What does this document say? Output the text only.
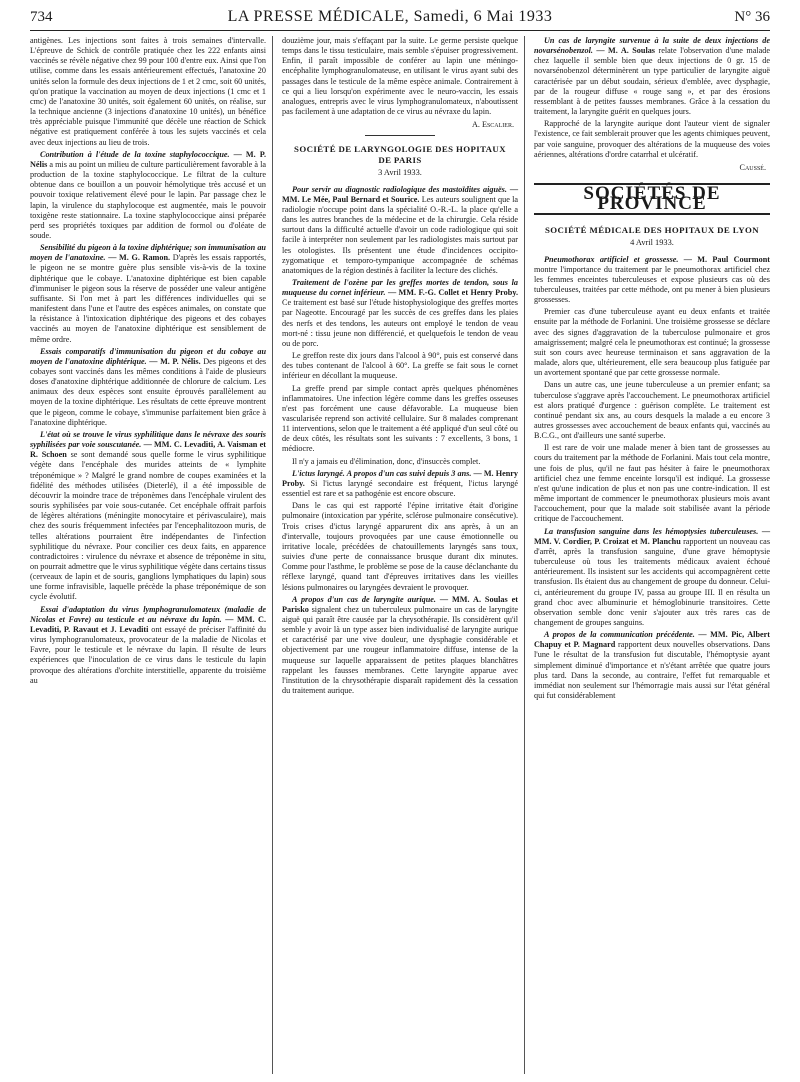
734	LA PRESSE MÉDICALE, Samedi, 6 Mai 1933	N° 36

antigènes. Les injections sont faites à trois semaines d'intervalle. L'épreuve de Schick de contrôle pratiquée chez les 222 enfants ainsi vaccinés se révèle négative chez 99 pour 100 d'entre eux. Ainsi que l'on utilise, comme dans les essais antérieurement effectués, l'anatoxine 20 unités selon la formule des deux injections de 1 et 2 cmc, soit 60 unités, qu'on pratique la vaccination au moyen de deux injections (1 cmc et 1 cmc) de l'anatoxine 30 unités, soit également 60 unités, on réalise, sur la technique ancienne (3 injections d'anatoxine 10 unités), un bénéfice très appréciable puisque l'immunité que décèle une réaction de Schick négative est pratiquement conférée à tous les sujets vaccinés et cela avec deux injections au lieu de trois.

Contribution à l'étude de la toxine staphylococcique. — M. P. Nélis a mis au point un milieu de culture particulièrement favorable à la production de la toxine staphylococcique. Le filtrat de la culture obtenue dans ce bouillon a un pouvoir hémolytique très accusé et un pouvoir toxique relativement élevé pour le lapin. Par passage chez le lapin, la virulence du staphylocoque est augmentée, mais le pouvoir toxigène reste stationnaire. La toxine staphylococcique ainsi préparée perd ses propriétés toxiques par addition de formol ou d'oléate de soude.

Sensibilité du pigeon à la toxine diphtérique; son immunisation au moyen de l'anatoxine. — M. G. Ramon. D'après les essais rapportés, le pigeon ne se montre guère plus sensible vis-à-vis de la toxine diphtérique que le cobaye. L'anatoxine diphtérique est bien capable d'immuniser le pigeon sous la réserve de posséder une valeur antigène suffisante. Si l'on met à part les différences individuelles qui se manifestent dans l'une et l'autre des espèces animales, on constate que la résistance à l'intoxication diphtérique des pigeons et des cobayes vaccinés au moyen de l'anatoxine diphtérique est sensiblement de même ordre.

Essais comparatifs d'immunisation du pigeon et du cobaye au moyen de l'anatoxine diphtérique. — M. P. Nélis. Des pigeons et des cobayes sont vaccinés dans les mêmes conditions à l'aide de plusieurs doses d'anatoxine diphtérique additionnée de chlorure de calcium. Les animaux des deux espèces sont ensuite éprouvés parallèlement au moyen de la toxine diphtérique. Les résultats de cette épreuve montrent que le pigeon, comme le cobaye, s'immunise parfaitement bien grâce à l'anatoxine diphtérique.

L'état où se trouve le virus syphilitique dans le névraxe des souris syphilisées par voie souscutanée. — MM. C. Levaditi, A. Vaisman et R. Schoen se sont demandé sous quelle forme le virus syphilitique végète dans l'encéphale des murides atteints de « lymphite tréponémique » ? Malgré le grand nombre de coupes examinées et la fidélité des méthodes utilisées (Dieterlé), il a été impossible de découvrir la moindre trace de tréponèmes dans l'encéphale virulent des souris syphilisées par voie sous-cutanée. Cet encéphale offrait parfois de légères altérations (méningite monocytaire et périvasculaire), mais chez des souris fréquemment infectées par l'encephalitozoon muris, de telles altérations pourraient être indépendantes de l'infection syphilitique du névraxe. Pour concilier ces deux faits, en apparence contradictoires : virulence du névraxe et absence de tréponème in situ, on pourrait admettre que le virus syphilitique végète dans certains tissus (cerveaux de lapin et de souris, ganglions lymphatiques du lapin) sous une forme infravisible, laquelle précède la phase tréponémique de son cycle évolutif.

Essai d'adaptation du virus lymphogranulomateux (maladie de Nicolas et Favre) au testicule et au névraxe du lapin. — MM. C. Levaditi, P. Ravaut et J. Levaditi ont essayé de préciser l'affinité du virus lymphogranulomateux, provocateur de la maladie de Nicolas et Favre, pour le testicule et le névraxe du lapin. Il résulte de leurs expériences que l'inoculation de ce virus dans le testicule du lapin provoque des altérations d'orchite interstitielle, apparente du troisième au

douzième jour, mais s'effaçant par la suite. Le germe persiste quelque temps dans le tissu testiculaire, mais semble s'épuiser progressivement. Enfin, il paraît impossible de conférer au lapin une méningo-encéphalite lymphogranulomateuse, en utilisant le virus ayant subi des passages dans le testicule de la même espèce animale. Contrairement à ce qui a lieu lorsqu'on expérimente avec le neuro-vaccin, les essais analogues, entrepris avec le virus lymphogranulomateux, n'aboutissent pas facilement à une adaptation de ce virus au névraxe du lapin.

A. Escalier.

SOCIÉTÉ DE LARYNGOLOGIE DES HOPITAUX DE PARIS
3 Avril 1933.

Pour servir au diagnostic radiologique des mastoïdites aiguës. — MM. Le Mée, Paul Bernard et Sourice. Les auteurs soulignent que la radiologie n'occupe point dans la spécialité O.-R.-L. la place qu'elle a dans les autres branches de la médecine et de la chirurgie. Cela réside surtout dans la difficulté actuelle d'avoir un code radiologique qui soit facile à interpréter non seulement par les radiologistes mais surtout par les otologistes. Ils présentent une étude d'incidences occipito-zygomatique et temporo-tympanique accompagnée de schémas anatomiques de la région destinés à faciliter la lecture des clichés.

Traitement de l'ozène par les greffes mortes de tendon, sous la muqueuse du cornet inférieur. — MM. F.-G. Collet et Henry Proby. Ce traitement est basé sur l'étude histophysiologique des greffes mortes par Nageotte. Encouragé par les succès de ces greffes dans les plaies des nerfs et des tendons, les auteurs ont employé le tendon de veau mort-né : tissu jeune non différencié, et quelquefois le tendon de veau ou de porc.

Le greffon reste dix jours dans l'alcool à 90°, puis est conservé dans des tubes contenant de l'alcool à 60°. La greffe se fait sous le cornet inférieur en décollant la muqueuse.

La greffe prend par simple contact après quelques phénomènes inflammatoires. Une infection légère comme dans les greffes osseuses n'est pas forcément une cause défavorable. La muqueuse bien vascularisée reprend son activité cellulaire. Sur 8 malades comprenant 11 interventions, selon que le traitement a été appliqué d'un seul côté ou de deux côtés, les résultats sont les suivants : 7 excellents, 3 bons, 1 médiocre.

Il n'y a jamais eu d'élimination, donc, d'insuccès complet.

L'ictus laryngé. A propos d'un cas suivi depuis 3 ans. — M. Henry Proby. Si l'ictus laryngé secondaire est fréquent, l'ictus laryngé essentiel est rare et sa pathogénie est encore obscure.

Dans le cas qui est rapporté l'épine irritative était d'origine pulmonaire (intoxication par ypérite, sclérose pulmonaire consécutive). Trois crises d'ictus laryngé apparurent dix ans après, à un an d'intervalle, toujours provoquées par une cause émotionnelle ou irritative locale, précédées de chatouillements laryngés sans toux, suivies d'une perte de connaissance brusque durant dix minutes. Comme pour l'asthme, le problème se pose de la cause déclanchante du réflexe laryngé, quand tant d'épreuves irritatives dans les vieilles lésions pulmonaires ou laryngées devraient le provoquer.

A propos d'un cas de laryngite aurique. — MM. A. Soulas et Parisko signalent chez un tuberculeux pulmonaire un cas de laryngite aiguë qui paraît être causée par la chrysothérapie. Ils considèrent qu'il semble y avoir là un type assez bien individualisé de laryngite aurique et caractérisé par une vive douleur, une dysphagie considérable et objectivement par une rougeur inflammatoire diffuse, intense de la muqueuse sur laquelle apparaissent de petites plaques blanchâtres rappelant les fausses membranes. Cette laryngite apparue avec l'institution de la chrysothérapie disparaît rapidement dès la cessation du traitement aurique.

Un cas de laryngite survenue à la suite de deux injections de novarsénobenzol. — M. A. Soulas relate l'observation d'une malade chez laquelle il semble bien que deux injections de 0 gr. 15 de novarsénobenzol déterminèrent un type particulier de laryngite aiguë caractérisée par un début soudain, sérieux d'emblée, avec dysphagie, par de la rougeur diffuse « rouge sang », et par des érosions ressemblant à de petites fausses membranes. Grâce à la cessation du traitement, la laryngite guérit en quelques jours.

Rapproché de la laryngite aurique dont l'auteur vient de signaler l'existence, ce fait semblerait prouver que les agents chimiques peuvent, par voie sanguine, provoquer des altérations de la muqueuse des voies aériennes, altérations d'ordre catarrhal et ulcératif.

Caussé.

SOCIÉTÉS DE PROVINCE
SOCIÉTÉ MÉDICALE DES HOPITAUX DE LYON
4 Avril 1933.

Pneumothorax artificiel et grossesse. — M. Paul Courmont montre l'importance du traitement par le pneumothorax artificiel chez les femmes enceintes tuberculeuses et expose plusieurs cas où des tuberculeuses, traitées par cette méthode, ont pu mener à bien plusieurs grossesses.

Premier cas d'une tuberculeuse ayant eu deux enfants et traitée ensuite par la méthode de Forlanini. Une troisième grossesse se déclare avec des signes d'aggravation de la tuberculose pulmonaire et gros amaigrissement; malgré cela le pneumothorax est continué; la grossesse suit son cours avec heureuse terminaison et sans aggravation de la malade, alors que, ultérieurement, elle sera beaucoup plus fatiguée par un avortement spontané que par cette grossesse normale.

Dans un autre cas, une jeune tuberculeuse a un premier enfant; sa tuberculose s'aggrave après l'accouchement. Le pneumothorax artificiel est alors pratiqué d'urgence : guérison complète. Le traitement est continué pendant six ans, au cours desquels la malade a eu encore 3 autres grossesses avec accouchement de beaux enfants qui, vaccinés au B.C.G., ont d'ailleurs une santé superbe.

Il est rare de voir une malade mener à bien tant de grossesses au cours du traitement par la méthode de Forlanini. Mais tout cela montre, une fois de plus, qu'il ne faut pas hésiter à faire le pneumothorax artificiel chez une femme enceinte lorsqu'il est indiqué. La grossesse n'est qu'une indication de plus et non pas une contre-indication. Il est même important de commencer le pneumothorax plusieurs mois avant l'accouchement, pour que la malade soit stabilisée avant la période critique de l'accouchement.

La transfusion sanguine dans les hémoptysies tuberculeuses. — MM. V. Cordier, P. Croizat et M. Planchu rapportent un nouveau cas d'arrêt, après la transfusion sanguine, d'une grave hémoptysie tuberculeuse où tous les traitements médicaux avaient échoué antérieurement. Ils insistent sur les accidents qui accompagnèrent cette transfusion. Ils étaient dus au changement de groupe du donneur. Celui-ci, antérieurement du groupe IV, passa au groupe III. Il en résulta un grand choc avec albuminurie et hémoglobinurie transitoires. Cette observation semble donc venir s'ajouter aux très rares cas de changement de groupes sanguins.

A propos de la communication précédente. — MM. Pic, Albert Chapuy et P. Magnard rapportent deux nouvelles observations. Dans l'une le résultat de la transfusion fut discutable, l'hémoptysie ayant simplement diminué d'importance et n's'étant arrêtée que quatre jours plus tard. Dans la seconde, au contraire, l'effet fut remarquable et immédiat non seulement sur l'hémorragie mais aussi sur l'état général qui fut considérablement
